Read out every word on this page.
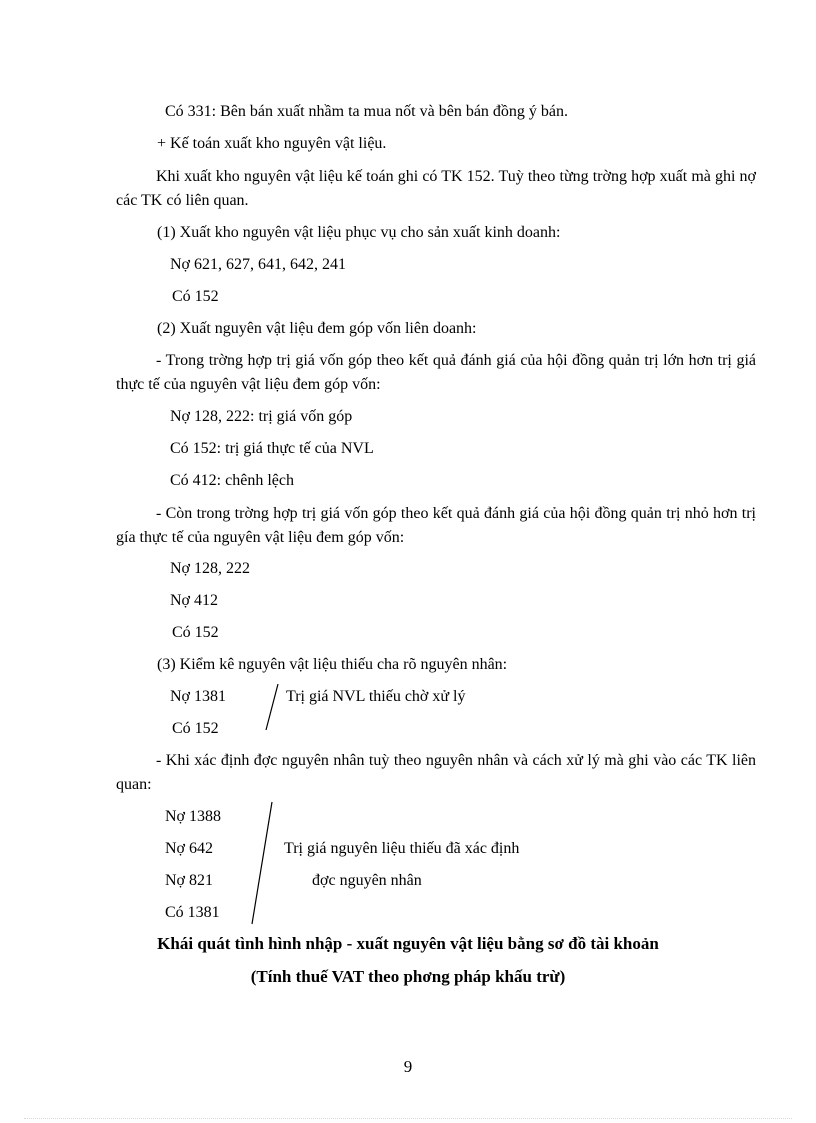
Có 331: Bên bán xuất nhầm ta mua nốt và bên bán đồng ý bán.
+ Kế toán xuất kho nguyên vật liệu.
Khi xuất kho nguyên vật liệu kế toán ghi có TK 152. Tuỳ theo từng trờng hợp xuất mà ghi nợ các TK có liên quan.
(1) Xuất kho nguyên vật liệu phục vụ cho sản xuất kinh doanh:
Nợ 621, 627, 641, 642, 241
Có 152
(2) Xuất nguyên vật liệu đem góp vốn liên doanh:
- Trong trờng hợp trị giá vốn góp theo kết quả đánh giá của hội đồng quản trị lớn hơn trị giá thực tế của nguyên vật liệu đem góp vốn:
Nợ 128, 222: trị giá vốn góp
Có 152: trị giá thực tế của NVL
Có 412: chênh lệch
- Còn trong trờng hợp trị giá vốn góp theo kết quả đánh giá của hội đồng quản trị nhỏ hơn trị gía thực tế của nguyên vật liệu đem góp vốn:
Nợ 128, 222
Nợ 412
Có 152
(3) Kiểm kê nguyên vật liệu thiếu cha rõ nguyên nhân:
Nợ 1381	Trị giá NVL thiếu chờ xử lý
Có 152
- Khi xác định đợc nguyên nhân tuỳ theo nguyên nhân và cách xử lý mà ghi vào các TK liên quan:
Nợ 1388
Nợ 642	Trị giá nguyên liệu thiếu đã xác định
Nợ 821	đợc nguyên nhân
Có 1381
Khái quát tình hình nhập - xuất nguyên vật liệu bằng sơ đồ tài khoản
(Tính thuế VAT theo phơng pháp khấu trừ)
9
